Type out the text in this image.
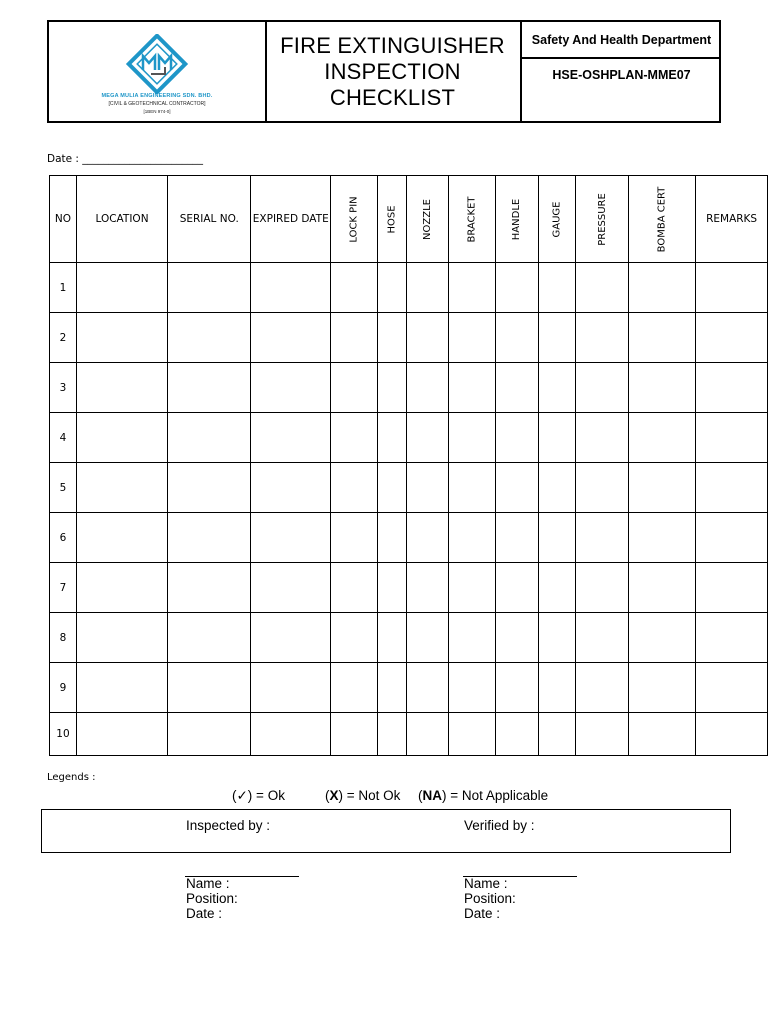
MEGA MULIA ENGINEERING SDN. BHD.
[CIVIL & GEOTECHNICAL CONTRACTOR]
[1BEN 974-0]
FIRE EXTINGUISHER
INSPECTION
CHECKLIST
Safety And Health Department
HSE-OSHPLAN-MME07
Date : _______________________
NO	LOCATION	SERIAL NO.	EXPIRED DATE	LOCK PIN	HOSE	NOZZLE	BRACKET	HANDLE	GAUGE	PRESSURE	BOMBA CERT	REMARKS
1												
2												
3												
4												
5												
6												
7												
8												
9												
10												
Legends :
(✓) = Ok	(X) = Not Ok (NA) = Not Applicable
Inspected by :	Verified by :
Name :
Position:
Date :
Name :
Position:
Date :
